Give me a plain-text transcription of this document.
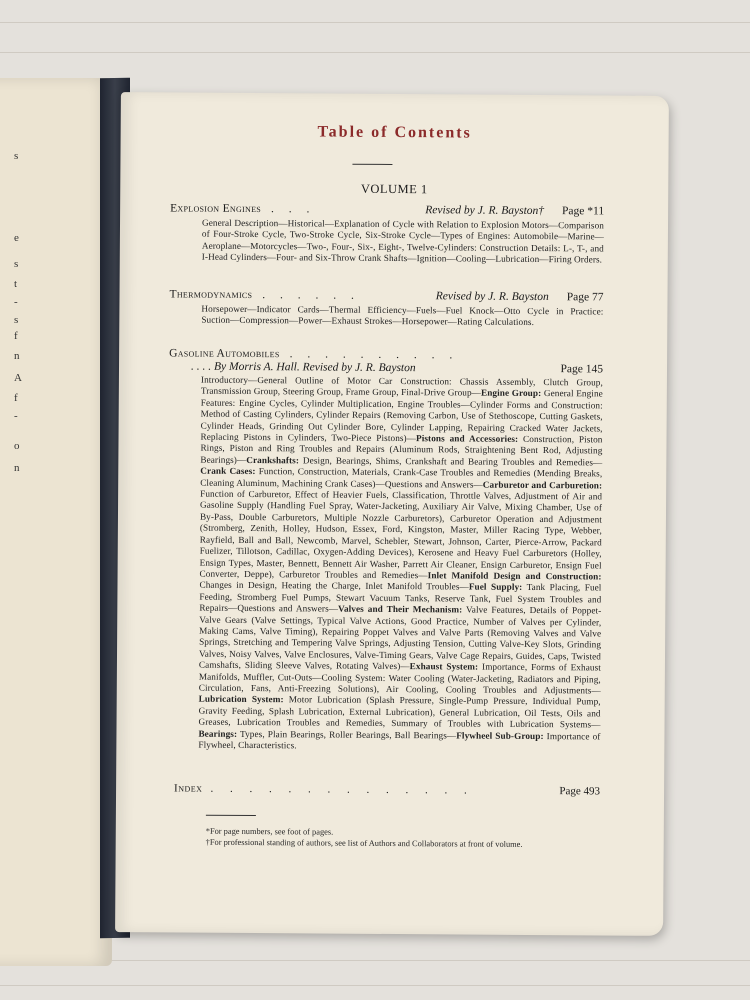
s
e
s
t
-
s
f
n
A
f
-
o
n
Table of Contents
VOLUME 1
Explosion Engines . . .	Revised by J. R. Bayston† Page *11
General Description—Historical—Explanation of Cycle with Relation to Explosion Motors—Comparison of Four-Stroke Cycle, Two-Stroke Cycle, Six-Stroke Cycle—Types of Engines: Automobile—Marine—Aeroplane—Motorcycles—Two-, Four-, Six-, Eight-, Twelve-Cylinders: Construction Details: L-, T-, and I-Head Cylinders—Four- and Six-Throw Crank Shafts—Ignition—Cooling—Lubrication—Firing Orders.
Thermodynamics . . . . . .	Revised by J. R. Bayston Page 77
Horsepower—Indicator Cards—Thermal Efficiency—Fuels—Fuel Knock—Otto Cycle in Practice: Suction—Compression—Power—Exhaust Strokes—Horsepower—Rating Calculations.
Gasoline Automobiles . . . . . . . . . .
. . . . By Morris A. Hall. Revised by J. R. Bayston	Page 145
Introductory—General Outline of Motor Car Construction: Chassis Assembly, Clutch Group, Transmission Group, Steering Group, Frame Group, Final-Drive Group—Engine Group: General Engine Features: Engine Cycles, Cylinder Multiplication, Engine Troubles—Cylinder Forms and Construction: Method of Casting Cylinders, Cylinder Repairs (Removing Carbon, Use of Stethoscope, Cutting Gaskets, Cylinder Heads, Grinding Out Cylinder Bore, Cylinder Lapping, Repairing Cracked Water Jackets, Replacing Pistons in Cylinders, Two-Piece Pistons)—Pistons and Accessories: Construction, Piston Rings, Piston and Ring Troubles and Repairs (Aluminum Rods, Straightening Bent Rod, Adjusting Bearings)—Crankshafts: Design, Bearings, Shims, Crankshaft and Bearing Troubles and Remedies—Crank Cases: Function, Construction, Materials, Crank-Case Troubles and Remedies (Mending Breaks, Cleaning Aluminum, Machining Crank Cases)—Questions and Answers—Carburetor and Carburetion: Function of Carburetor, Effect of Heavier Fuels, Classification, Throttle Valves, Adjustment of Air and Gasoline Supply (Handling Fuel Spray, Water-Jacketing, Auxiliary Air Valve, Mixing Chamber, Use of By-Pass, Double Carburetors, Multiple Nozzle Carburetors), Carburetor Operation and Adjustment (Stromberg, Zenith, Holley, Hudson, Essex, Ford, Kingston, Master, Miller Racing Type, Webber, Rayfield, Ball and Ball, Newcomb, Marvel, Schebler, Stewart, Johnson, Carter, Pierce-Arrow, Packard Fuelizer, Tillotson, Cadillac, Oxygen-Adding Devices), Kerosene and Heavy Fuel Carburetors (Holley, Ensign Types, Master, Bennett, Bennett Air Washer, Parrett Air Cleaner, Ensign Carburetor, Ensign Fuel Converter, Deppe), Carburetor Troubles and Remedies—Inlet Manifold Design and Construction: Changes in Design, Heating the Charge, Inlet Manifold Troubles—Fuel Supply: Tank Placing, Fuel Feeding, Stromberg Fuel Pumps, Stewart Vacuum Tanks, Reserve Tank, Fuel System Troubles and Repairs—Questions and Answers—Valves and Their Mechanism: Valve Features, Details of Poppet-Valve Gears (Valve Settings, Typical Valve Actions, Good Practice, Number of Valves per Cylinder, Making Cams, Valve Timing), Repairing Poppet Valves and Valve Parts (Removing Valves and Valve Springs, Stretching and Tempering Valve Springs, Adjusting Tension, Cutting Valve-Key Slots, Grinding Valves, Noisy Valves, Valve Enclosures, Valve-Timing Gears, Valve Cage Repairs, Guides, Caps, Twisted Camshafts, Sliding Sleeve Valves, Rotating Valves)—Exhaust System: Importance, Forms of Exhaust Manifolds, Muffler, Cut-Outs—Cooling System: Water Cooling (Water-Jacketing, Radiators and Piping, Circulation, Fans, Anti-Freezing Solutions), Air Cooling, Cooling Troubles and Adjustments—Lubrication System: Motor Lubrication (Splash Pressure, Single-Pump Pressure, Individual Pump, Gravity Feeding, Splash Lubrication, External Lubrication), General Lubrication, Oil Tests, Oils and Greases, Lubrication Troubles and Remedies, Summary of Troubles with Lubrication Systems—Bearings: Types, Plain Bearings, Roller Bearings, Ball Bearings—Flywheel Sub-Group: Importance of Flywheel, Characteristics.
Index . . . . . . . . . . . . . .	Page 493
*For page numbers, see foot of pages.
†For professional standing of authors, see list of Authors and Collaborators at front of volume.
